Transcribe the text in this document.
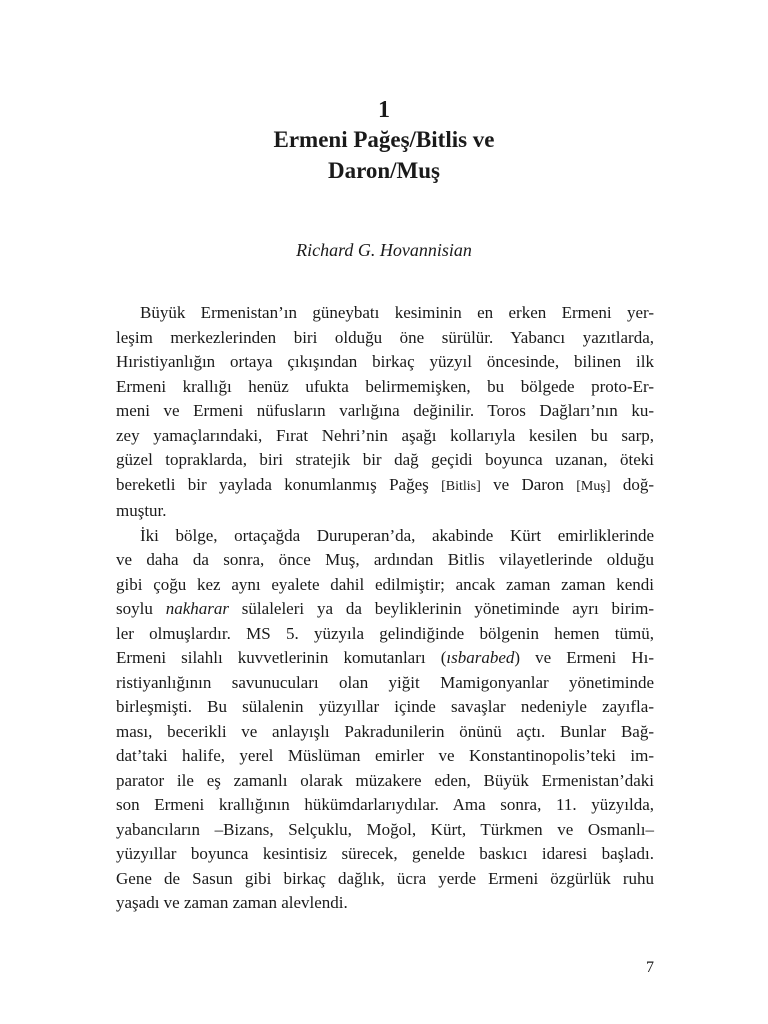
1
Ermeni Pağeş/Bitlis ve
Daron/Muş
Richard G. Hovannisian

Büyük Ermenistan’ın güneybatı kesiminin en erken Ermeni yer-
leşim merkezlerinden biri olduğu öne sürülür. Yabancı yazıtlarda,
Hıristiyanlığın ortaya çıkışından birkaç yüzyıl öncesinde, bilinen ilk
Ermeni krallığı henüz ufukta belirmemişken, bu bölgede proto-Er-
meni ve Ermeni nüfusların varlığına değinilir. Toros Dağları’nın ku-
zey yamaçlarındaki, Fırat Nehri’nin aşağı kollarıyla kesilen bu sarp,
güzel topraklarda, biri stratejik bir dağ geçidi boyunca uzanan, öteki
bereketli bir yaylada konumlanmış Pağeş [Bitlis] ve Daron [Muş] doğ-
muştur.

İki bölge, ortaçağda Duruperan’da, akabinde Kürt emirliklerinde
ve daha da sonra, önce Muş, ardından Bitlis vilayetlerinde olduğu
gibi çoğu kez aynı eyalete dahil edilmiştir; ancak zaman zaman kendi
soylu nakharar sülaleleri ya da beyliklerinin yönetiminde ayrı birim-
ler olmuşlardır. MS 5. yüzyıla gelindiğinde bölgenin hemen tümü,
Ermeni silahlı kuvvetlerinin komutanları (ısbarabed) ve Ermeni Hı-
ristiyanlığının savunucuları olan yiğit Mamigonyanlar yönetiminde
birleşmişti. Bu sülalenin yüzyıllar içinde savaşlar nedeniyle zayıfla-
ması, becerikli ve anlayışlı Pakradunilerin önünü açtı. Bunlar Bağ-
dat’taki halife, yerel Müslüman emirler ve Konstantinopolis’teki im-
parator ile eş zamanlı olarak müzakere eden, Büyük Ermenistan’daki
son Ermeni krallığının hükümdarlarıydılar. Ama sonra, 11. yüzyılda,
yabancıların –Bizans, Selçuklu, Moğol, Kürt, Türkmen ve Osmanlı–
yüzyıllar boyunca kesintisiz sürecek, genelde baskıcı idaresi başladı.
Gene de Sasun gibi birkaç dağlık, ücra yerde Ermeni özgürlük ruhu
yaşadı ve zaman zaman alevlendi.

7
